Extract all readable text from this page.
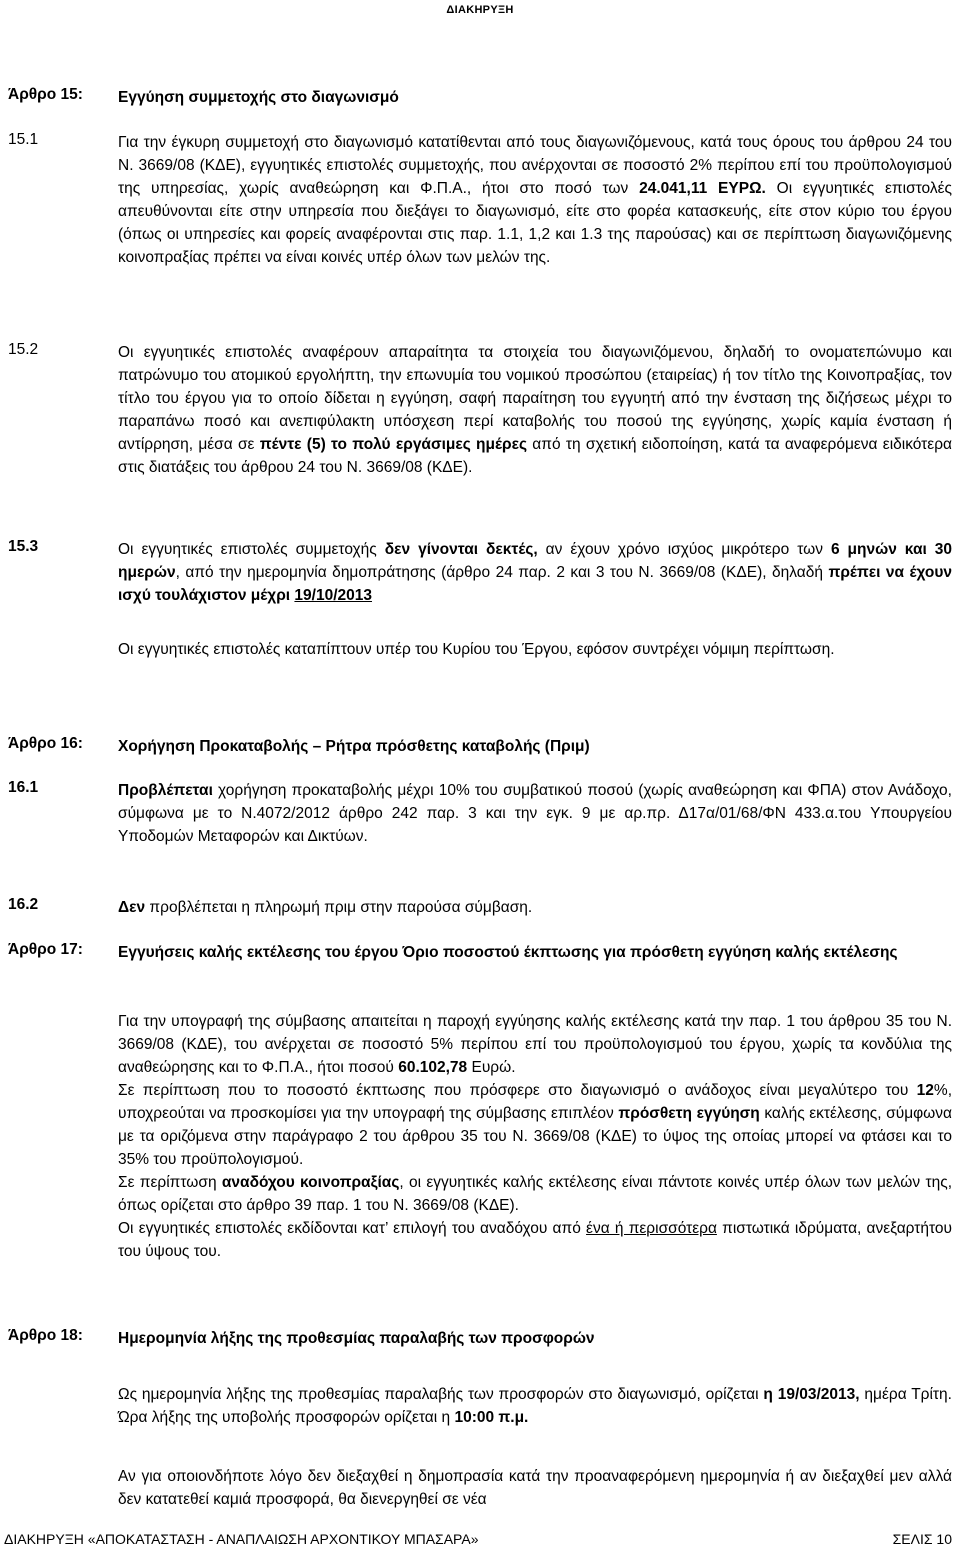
ΔΙΑΚΗΡΥΞΗ
Άρθρο 15: Εγγύηση συμμετοχής στο διαγωνισμό
15.1	Για την έγκυρη συμμετοχή στο διαγωνισμό κατατίθενται από τους διαγωνιζόμενους, κατά τους όρους του άρθρου 24 του Ν. 3669/08 (ΚΔΕ), εγγυητικές επιστολές συμμετοχής, που ανέρχονται σε ποσοστό 2% περίπου επί του προϋπολογισμού της υπηρεσίας, χωρίς αναθεώρηση και Φ.Π.Α., ήτοι στο ποσό των 24.041,11 ΕΥΡΩ. Οι εγγυητικές επιστολές απευθύνονται είτε στην υπηρεσία που διεξάγει το διαγωνισμό, είτε στο φορέα κατασκευής, είτε στον κύριο του έργου (όπως οι υπηρεσίες και φορείς αναφέρονται στις παρ. 1.1, 1,2 και 1.3 της παρούσας) και σε περίπτωση διαγωνιζόμενης κοινοπραξίας πρέπει να είναι κοινές υπέρ όλων των μελών της.
15.2	Οι εγγυητικές επιστολές αναφέρουν απαραίτητα τα στοιχεία του διαγωνιζόμενου, δηλαδή το ονοματεπώνυμο και πατρώνυμο του ατομικού εργολήπτη, την επωνυμία του νομικού προσώπου (εταιρείας) ή τον τίτλο της Κοινοπραξίας, τον τίτλο του έργου για το οποίο δίδεται η εγγύηση, σαφή παραίτηση του εγγυητή από την ένσταση της διζήσεως μέχρι το παραπάνω ποσό και ανεπιφύλακτη υπόσχεση περί καταβολής του ποσού της εγγύησης, χωρίς καμία ένσταση ή αντίρρηση, μέσα σε πέντε (5) το πολύ εργάσιμες ημέρες από τη σχετική ειδοποίηση, κατά τα αναφερόμενα ειδικότερα στις διατάξεις του άρθρου 24 του Ν. 3669/08 (ΚΔΕ).
15.3	Οι εγγυητικές επιστολές συμμετοχής δεν γίνονται δεκτές, αν έχουν χρόνο ισχύος μικρότερο των 6 μηνών και 30 ημερών, από την ημερομηνία δημοπράτησης (άρθρο 24 παρ. 2 και 3 του Ν. 3669/08 (ΚΔΕ), δηλαδή πρέπει να έχουν ισχύ τουλάχιστον μέχρι 19/10/2013
Οι εγγυητικές επιστολές καταπίπτουν υπέρ του Κυρίου του Έργου, εφόσον συντρέχει νόμιμη περίπτωση.
Άρθρο 16: Χορήγηση Προκαταβολής – Ρήτρα πρόσθετης καταβολής (Πριμ)
16.1	Προβλέπεται χορήγηση προκαταβολής μέχρι 10% του συμβατικού ποσού (χωρίς αναθεώρηση και ΦΠΑ) στον Ανάδοχο, σύμφωνα με το Ν.4072/2012 άρθρο 242 παρ. 3 και την εγκ. 9 με αρ.πρ. Δ17α/01/68/ΦΝ 433.α.του Υπουργείου Υποδομών Μεταφορών και Δικτύων.
16.2	Δεν προβλέπεται η πληρωμή πριμ στην παρούσα σύμβαση.
Άρθρο 17: Εγγυήσεις καλής εκτέλεσης του έργου Όριο ποσοστού έκπτωσης για πρόσθετη εγγύηση καλής εκτέλεσης
Για την υπογραφή της σύμβασης απαιτείται η παροχή εγγύησης καλής εκτέλεσης κατά την παρ. 1 του άρθρου 35 του Ν. 3669/08 (ΚΔΕ), του ανέρχεται σε ποσοστό 5% περίπου επί του προϋπολογισμού του έργου, χωρίς τα κονδύλια της αναθεώρησης και το Φ.Π.Α., ήτοι ποσού 60.102,78 Ευρώ.
Σε περίπτωση που το ποσοστό έκπτωσης που πρόσφερε στο διαγωνισμό ο ανάδοχος είναι μεγαλύτερο του 12%, υποχρεούται να προσκομίσει για την υπογραφή της σύμβασης επιπλέον πρόσθετη εγγύηση καλής εκτέλεσης, σύμφωνα με τα οριζόμενα στην παράγραφο 2 του άρθρου 35 του Ν. 3669/08 (ΚΔΕ) το ύψος της οποίας μπορεί να φτάσει και το 35% του προϋπολογισμού.
Σε περίπτωση αναδόχου κοινοπραξίας, οι εγγυητικές καλής εκτέλεσης είναι πάντοτε κοινές υπέρ όλων των μελών της, όπως ορίζεται στο άρθρο 39 παρ. 1 του Ν. 3669/08 (ΚΔΕ).
Οι εγγυητικές επιστολές εκδίδονται κατ’ επιλογή του αναδόχου από ένα ή περισσότερα πιστωτικά ιδρύματα, ανεξαρτήτου του ύψους του.
Άρθρο 18: Ημερομηνία λήξης της προθεσμίας παραλαβής των προσφορών
Ως ημερομηνία λήξης της προθεσμίας παραλαβής των προσφορών στο διαγωνισμό, ορίζεται η 19/03/2013, ημέρα Τρίτη. Ώρα λήξης της υποβολής προσφορών ορίζεται η 10:00 π.μ.
Αν για οποιονδήποτε λόγο δεν διεξαχθεί η δημοπρασία κατά την προαναφερόμενη ημερομηνία ή αν διεξαχθεί μεν αλλά δεν κατατεθεί καμιά προσφορά, θα διενεργηθεί σε νέα
ΔΙΑΚΗΡΥΞΗ «ΑΠΟΚΑΤΑΣΤΑΣΗ - ΑΝΑΠΛΑΙΩΣΗ ΑΡΧΟΝΤΙΚΟΥ ΜΠΑΣΑΡΑ»	ΣΕΛΙΣ 10
